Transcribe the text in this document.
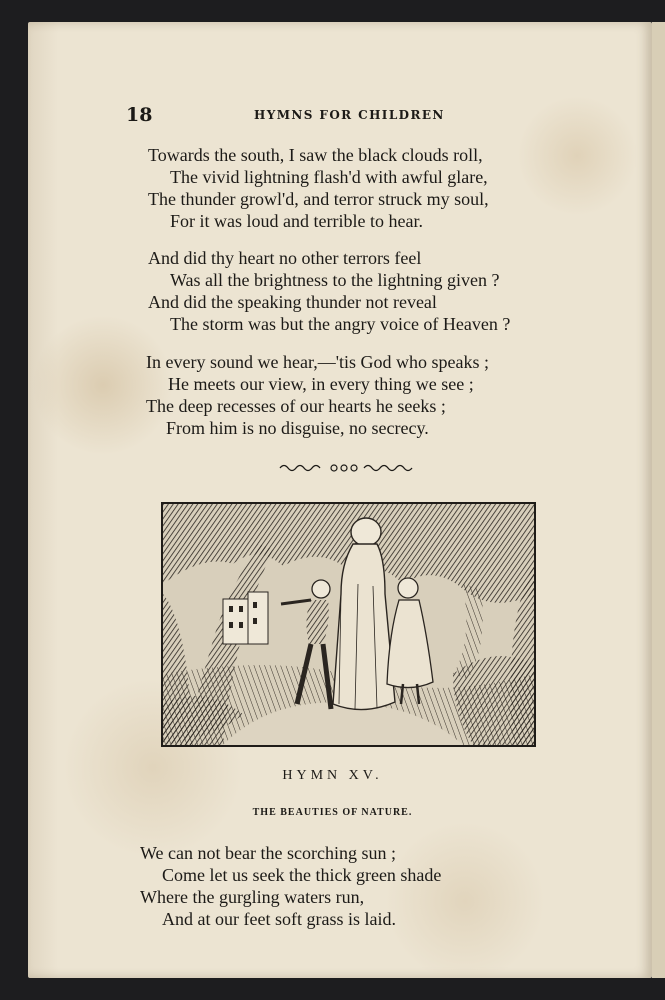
18	HYMNS FOR CHILDREN
Towards the south, I saw the black clouds roll,
The vivid lightning flash'd with awful glare,
The thunder growl'd, and terror struck my soul,
For it was loud and terrible to hear.
And did thy heart no other terrors feel
Was all the brightness to the lightning given ?
And did the speaking thunder not reveal
The storm was but the angry voice of Heaven ?
In every sound we hear,—'tis God who speaks ;
He meets our view, in every thing we see ;
The deep recesses of our hearts he seeks ;
From him is no disguise, no secrecy.
HYMN XV.
THE BEAUTIES OF NATURE.
We can not bear the scorching sun ;
Come let us seek the thick green shade
Where the gurgling waters run,
And at our feet soft grass is laid.
